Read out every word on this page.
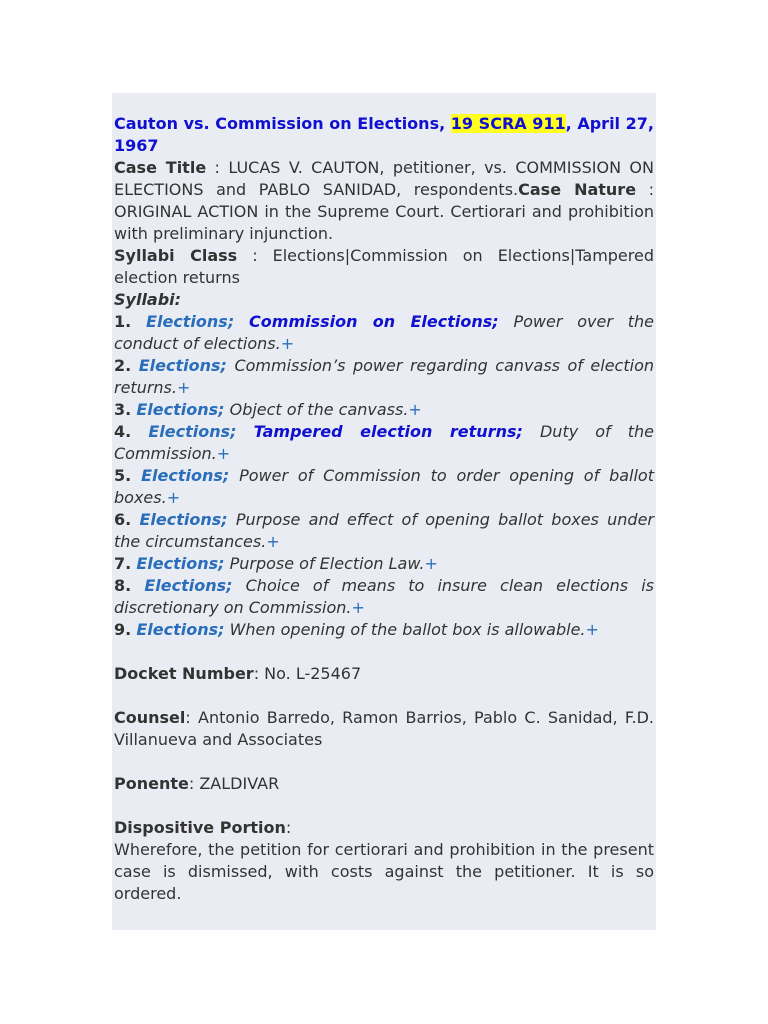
Cauton vs. Commission on Elections, 19 SCRA 911, April 27, 1967

Case Title : LUCAS V. CAUTON, petitioner, vs. COMMISSION ON ELECTIONS and PABLO SANIDAD, respondents.Case Nature : ORIGINAL ACTION in the Supreme Court. Certiorari and prohibition with preliminary injunction.

Syllabi Class : Elections|Commission on Elections|Tampered election returns

Syllabi:

1. Elections; Commission on Elections; Power over the conduct of elections.+

2. Elections; Commission’s power regarding canvass of election returns.+

3. Elections; Object of the canvass.+

4. Elections; Tampered election returns; Duty of the Commission.+

5. Elections; Power of Commission to order opening of ballot boxes.+

6. Elections; Purpose and effect of opening ballot boxes under the circumstances.+

7. Elections; Purpose of Election Law.+

8. Elections; Choice of means to insure clean elections is discretionary on Commission.+

9. Elections; When opening of the ballot box is allowable.+

Docket Number: No. L-25467

Counsel: Antonio Barredo, Ramon Barrios, Pablo C. Sanidad, F.D. Villanueva and Associates

Ponente: ZALDIVAR

Dispositive Portion:

Wherefore, the petition for certiorari and prohibition in the present case is dismissed, with costs against the petitioner. It is so ordered.
